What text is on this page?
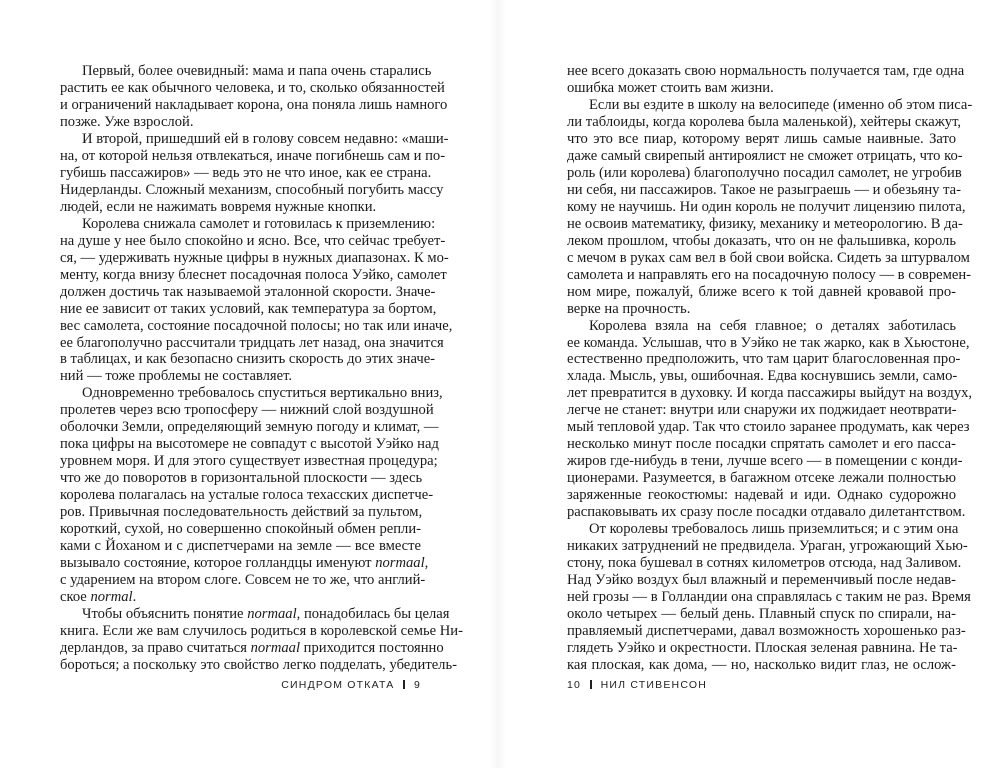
Первый, более очевидный: мама и папа очень старались
растить ее как обычного человека, и то, сколько обязанностей
и ограничений накладывает корона, она поняла лишь намного
позже. Уже взрослой.
И второй, пришедший ей в голову совсем недавно: «маши-
на, от которой нельзя отвлекаться, иначе погибнешь сам и по-
губишь пассажиров» — ведь это не что иное, как ее страна.
Нидерланды. Сложный механизм, способный погубить массу
людей, если не нажимать вовремя нужные кнопки.
Королева снижала самолет и готовилась к приземлению:
на душе у нее было спокойно и ясно. Все, что сейчас требует-
ся, — удерживать нужные цифры в нужных диапазонах. К мо-
менту, когда внизу блеснет посадочная полоса Уэйко, самолет
должен достичь так называемой эталонной скорости. Значе-
ние ее зависит от таких условий, как температура за бортом,
вес самолета, состояние посадочной полосы; но так или иначе,
ее благополучно рассчитали тридцать лет назад, она значится
в таблицах, и как безопасно снизить скорость до этих значе-
ний — тоже проблемы не составляет.
Одновременно требовалось спуститься вертикально вниз,
пролетев через всю тропосферу — нижний слой воздушной
оболочки Земли, определяющий земную погоду и климат, —
пока цифры на высотомере не совпадут с высотой Уэйко над
уровнем моря. И для этого существует известная процедура;
что же до поворотов в горизонтальной плоскости — здесь
королева полагалась на усталые голоса техасских диспетче-
ров. Привычная последовательность действий за пультом,
короткий, сухой, но совершенно спокойный обмен репли-
ками с Йоханом и с диспетчерами на земле — все вместе
вызывало состояние, которое голландцы именуют normaal,
с ударением на втором слоге. Совсем не то же, что англий-
ское normal.
Чтобы объяснить понятие normaal, понадобилась бы целая
книга. Если же вам случилось родиться в королевской семье Ни-
дерландов, за право считаться normaal приходится постоянно
бороться; а поскольку это свойство легко подделать, убедитель-
нее всего доказать свою нормальность получается там, где одна
ошибка может стоить вам жизни.
Если вы ездите в школу на велосипеде (именно об этом писа-
ли таблоиды, когда королева была маленькой), хейтеры скажут,
что это все пиар, которому верят лишь самые наивные. Зато
даже самый свирепый антироялист не сможет отрицать, что ко-
роль (или королева) благополучно посадил самолет, не угробив
ни себя, ни пассажиров. Такое не разыграешь — и обезьяну та-
кому не научишь. Ни один король не получит лицензию пилота,
не освоив математику, физику, механику и метеорологию. В да-
леком прошлом, чтобы доказать, что он не фальшивка, король
с мечом в руках сам вел в бой свои войска. Сидеть за штурвалом
самолета и направлять его на посадочную полосу — в современ-
ном мире, пожалуй, ближе всего к той давней кровавой про-
верке на прочность.
Королева взяла на себя главное; о деталях заботилась
ее команда. Услышав, что в Уэйко не так жарко, как в Хьюстоне,
естественно предположить, что там царит благословенная про-
хлада. Мысль, увы, ошибочная. Едва коснувшись земли, само-
лет превратится в духовку. И когда пассажиры выйдут на воздух,
легче не станет: внутри или снаружи их поджидает неотврати-
мый тепловой удар. Так что стоило заранее продумать, как через
несколько минут после посадки спрятать самолет и его пасса-
жиров где-нибудь в тени, лучше всего — в помещении с конди-
ционерами. Разумеется, в багажном отсеке лежали полностью
заряженные геокостюмы: надевай и иди. Однако судорожно
распаковывать их сразу после посадки отдавало дилетантством.
От королевы требовалось лишь приземлиться; и с этим она
никаких затруднений не предвидела. Ураган, угрожающий Хью-
стону, пока бушевал в сотнях километров отсюда, над Заливом.
Над Уэйко воздух был влажный и переменчивый после недав-
ней грозы — в Голландии она справлялась с таким не раз. Время
около четырех — белый день. Плавный спуск по спирали, на-
правляемый диспетчерами, давал возможность хорошенько раз-
глядеть Уэйко и окрестности. Плоская зеленая равнина. Не та-
кая плоская, как дома, — но, насколько видит глаз, не ослож-
СИНДРОМ ОТКАТА 9	10 НИЛ СТИВЕНСОН
